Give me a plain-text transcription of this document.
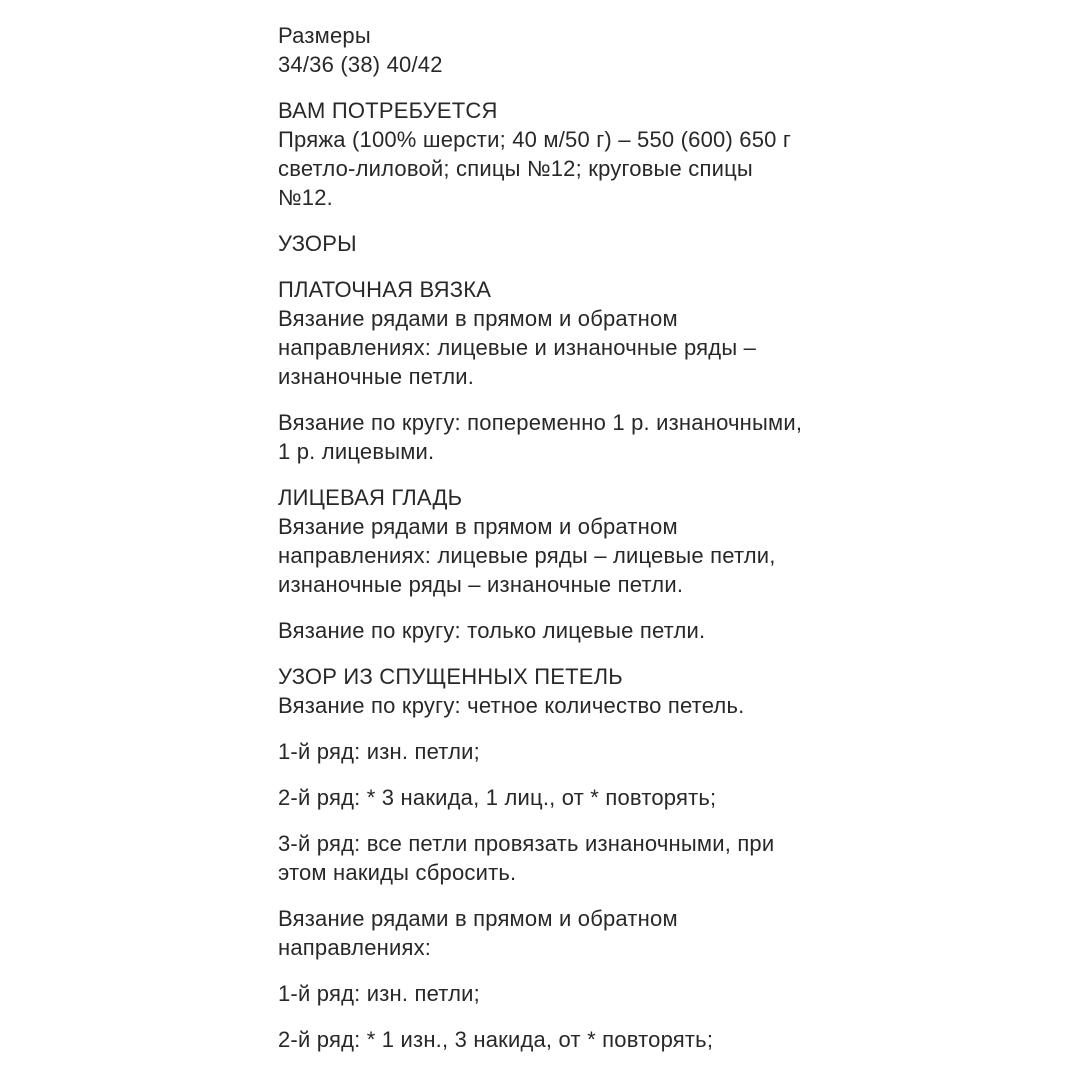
Размеры
34/36 (38) 40/42
ВАМ ПОТРЕБУЕТСЯ
Пряжа (100% шерсти; 40 м/50 г) – 550 (600) 650 г
светло-лиловой; спицы №12; круговые спицы
№12.
УЗОРЫ
ПЛАТОЧНАЯ ВЯЗКА
Вязание рядами в прямом и обратном
направлениях: лицевые и изнаночные ряды –
изнаночные петли.
Вязание по кругу: попеременно 1 р. изнаночными,
1 р. лицевыми.
ЛИЦЕВАЯ ГЛАДЬ
Вязание рядами в прямом и обратном
направлениях: лицевые ряды – лицевые петли,
изнаночные ряды – изнаночные петли.
Вязание по кругу: только лицевые петли.
УЗОР ИЗ СПУЩЕННЫХ ПЕТЕЛЬ
Вязание по кругу: четное количество петель.
1-й ряд: изн. петли;
2-й ряд: * 3 накида, 1 лиц., от * повторять;
3-й ряд: все петли провязать изнаночными, при
этом накиды сбросить.
Вязание рядами в прямом и обратном
направлениях:
1-й ряд: изн. петли;
2-й ряд: * 1 изн., 3 накида, от * повторять;
